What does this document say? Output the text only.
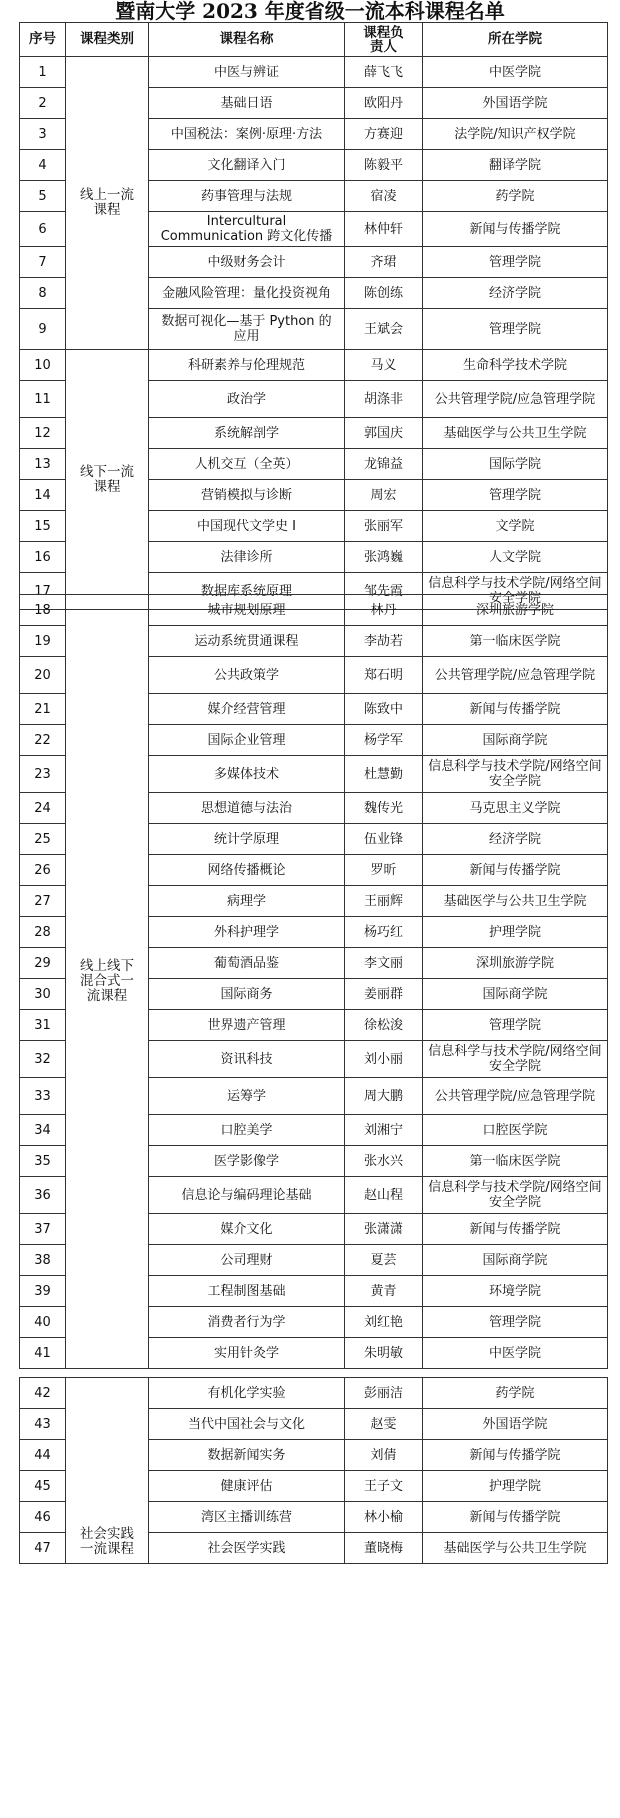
暨南大学 2023 年度省级一流本科课程名单
序号	课程类别	课程名称	课程负责人	所在学院
1	线上一流课程	中医与辨证	薛飞飞	中医学院
2		基础日语	欧阳丹	外国语学院
3		中国税法：案例·原理·方法	方赛迎	法学院/知识产权学院
4		文化翻译入门	陈毅平	翻译学院
5		药事管理与法规	宿凌	药学院
6		Intercultural Communication 跨文化传播	林仲轩	新闻与传播学院
7		中级财务会计	齐珺	管理学院
8		金融风险管理：量化投资视角	陈创练	经济学院
9		数据可视化—基于 Python 的应用	王斌会	管理学院
10	线下一流课程	科研素养与伦理规范	马义	生命科学技术学院
11		政治学	胡涤非	公共管理学院/应急管理学院
12		系统解剖学	郭国庆	基础医学与公共卫生学院
13		人机交互（全英）	龙锦益	国际学院
14		营销模拟与诊断	周宏	管理学院
15		中国现代文学史 I	张丽军	文学院
16		法律诊所	张鸿巍	人文学院
17		数据库系统原理	邹先霞	信息科学与技术学院/网络空间安全学院
18	线上线下混合式一流课程	城市规划原理	林丹	深圳旅游学院
19		运动系统贯通课程	李劼若	第一临床医学院
20		公共政策学	郑石明	公共管理学院/应急管理学院
21		媒介经营管理	陈致中	新闻与传播学院
22		国际企业管理	杨学军	国际商学院
23		多媒体技术	杜慧勤	信息科学与技术学院/网络空间安全学院
24		思想道德与法治	魏传光	马克思主义学院
25		统计学原理	伍业锋	经济学院
26		网络传播概论	罗昕	新闻与传播学院
27		病理学	王丽辉	基础医学与公共卫生学院
28		外科护理学	杨巧红	护理学院
29		葡萄酒品鉴	李文丽	深圳旅游学院
30		国际商务	姜丽群	国际商学院
31		世界遗产管理	徐松浚	管理学院
32		资讯科技	刘小丽	信息科学与技术学院/网络空间安全学院
33		运筹学	周大鹏	公共管理学院/应急管理学院
34		口腔美学	刘湘宁	口腔医学院
35		医学影像学	张水兴	第一临床医学院
36		信息论与编码理论基础	赵山程	信息科学与技术学院/网络空间安全学院
37		媒介文化	张潇潇	新闻与传播学院
38		公司理财	夏芸	国际商学院
39		工程制图基础	黄青	环境学院
40		消费者行为学	刘红艳	管理学院
41		实用针灸学	朱明敏	中医学院
42	社会实践一流课程	有机化学实验	彭丽洁	药学院
43		当代中国社会与文化	赵雯	外国语学院
44		数据新闻实务	刘倩	新闻与传播学院
45		健康评估	王子文	护理学院
46		湾区主播训练营	林小榆	新闻与传播学院
47		社会医学实践	董晓梅	基础医学与公共卫生学院
